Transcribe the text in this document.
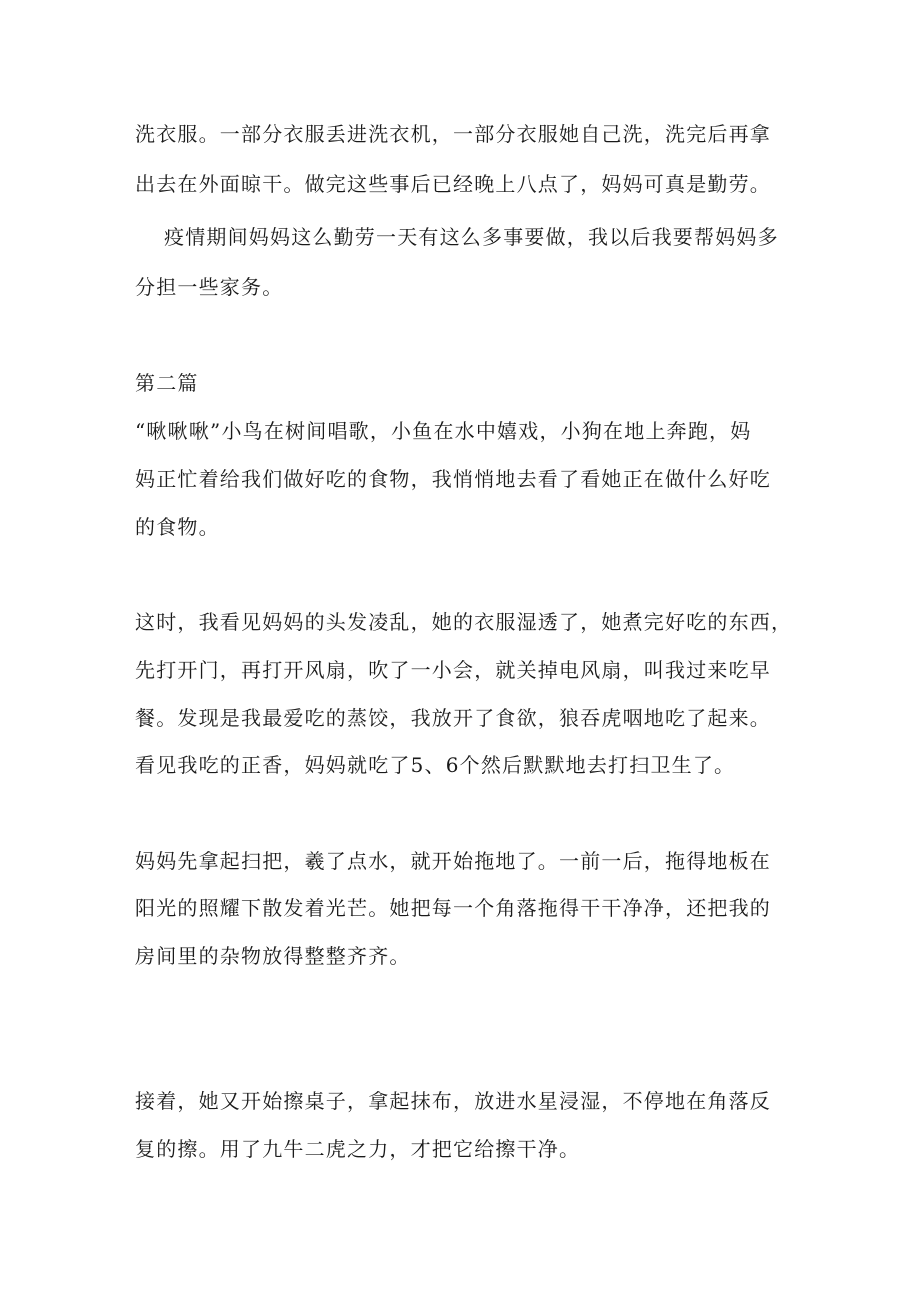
洗衣服。一部分衣服丢进洗衣机，一部分衣服她自己洗，洗完后再拿

出去在外面晾干。做完这些事后已经晚上八点了，妈妈可真是勤劳。

疫情期间妈妈这么勤劳一天有这么多事要做，我以后我要帮妈妈多

分担一些家务。

第二篇

“啾啾啾”小鸟在树间唱歌，小鱼在水中嬉戏，小狗在地上奔跑，妈

妈正忙着给我们做好吃的食物，我悄悄地去看了看她正在做什么好吃

的食物。

这时，我看见妈妈的头发凌乱，她的衣服湿透了，她煮完好吃的东西，

先打开门，再打开风扇，吹了一小会，就关掉电风扇，叫我过来吃早

餐。发现是我最爱吃的蒸饺，我放开了食欲，狼吞虎咽地吃了起来。

看见我吃的正香，妈妈就吃了5、6个然后默默地去打扫卫生了。

妈妈先拿起扫把，羲了点水，就开始拖地了。一前一后，拖得地板在

阳光的照耀下散发着光芒。她把每一个角落拖得干干净净，还把我的

房间里的杂物放得整整齐齐。

接着，她又开始擦桌子，拿起抹布，放进水星浸湿，不停地在角落反

复的擦。用了九牛二虎之力，才把它给擦干净。
